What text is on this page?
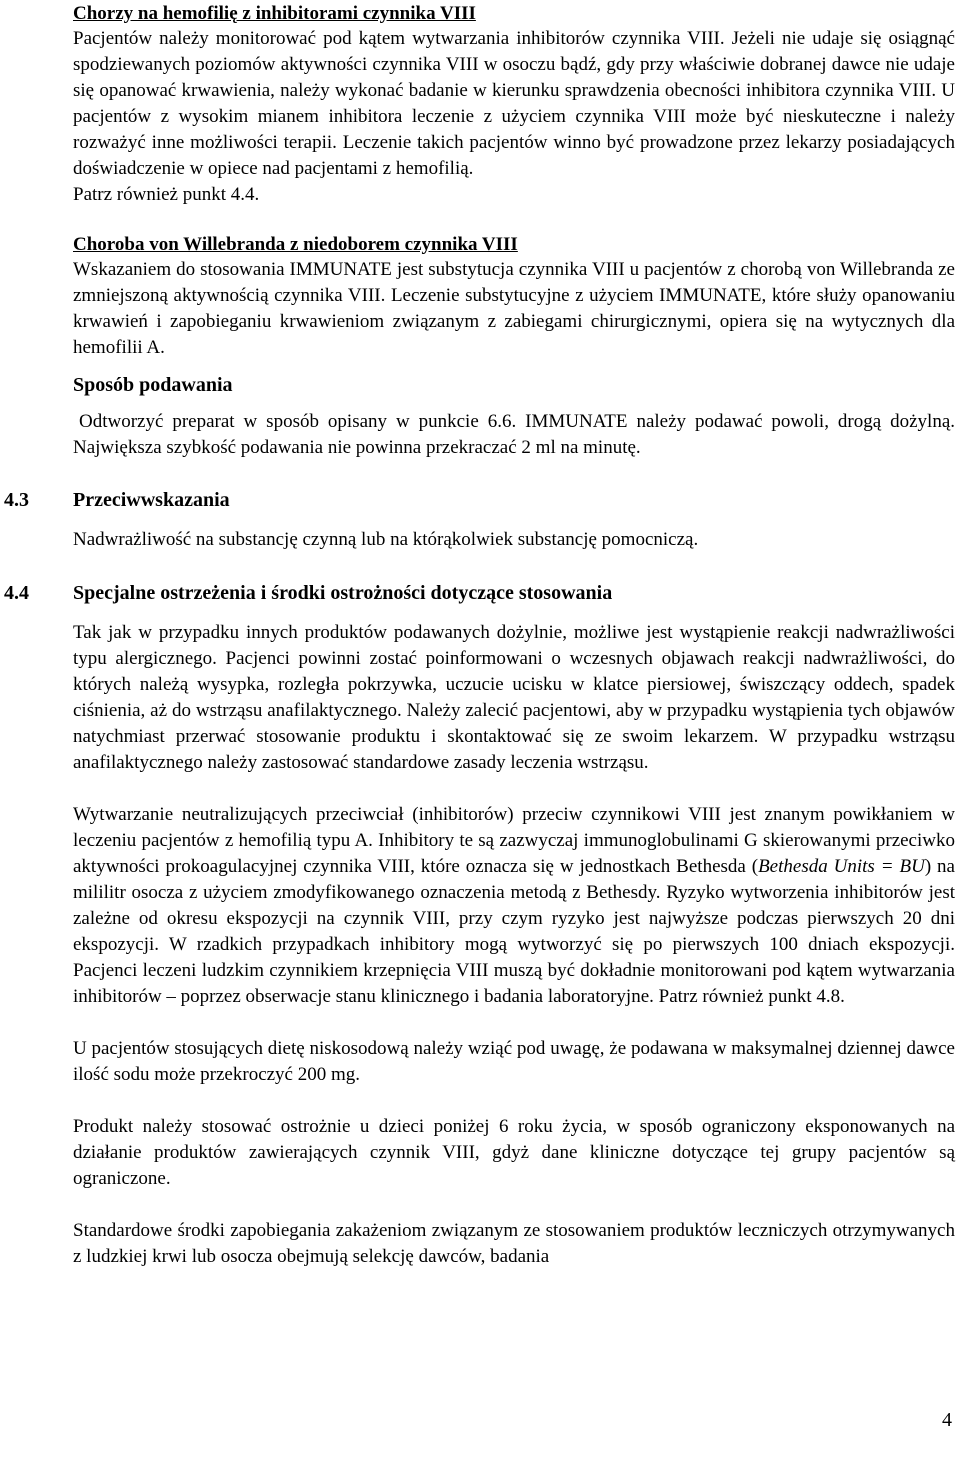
Chorzy na hemofilię z inhibitorami czynnika VIII

Pacjentów należy monitorować pod kątem wytwarzania inhibitorów czynnika VIII. Jeżeli nie udaje się osiągnąć spodziewanych poziomów aktywności czynnika VIII w osoczu bądź, gdy przy właściwie dobranej dawce nie udaje się opanować krwawienia, należy wykonać badanie w kierunku sprawdzenia obecności inhibitora czynnika VIII. U pacjentów z wysokim mianem inhibitora leczenie z użyciem czynnika VIII może być nieskuteczne i należy rozważyć inne możliwości terapii. Leczenie takich pacjentów winno być prowadzone przez lekarzy posiadających doświadczenie w opiece nad pacjentami z hemofilią.

Patrz również punkt 4.4.

Choroba von Willebranda z niedoborem czynnika VIII

Wskazaniem do stosowania IMMUNATE jest substytucja czynnika VIII u pacjentów z chorobą von Willebranda ze zmniejszoną aktywnością czynnika VIII. Leczenie substytucyjne z użyciem IMMUNATE, które służy opanowaniu krwawień i zapobieganiu krwawieniom związanym z zabiegami chirurgicznymi, opiera się na wytycznych dla hemofilii A.

Sposób podawania

Odtworzyć preparat w sposób opisany w punkcie 6.6. IMMUNATE należy podawać powoli, drogą dożylną. Największa szybkość podawania nie powinna przekraczać 2 ml na minutę.

4.3 Przeciwwskazania

Nadwrażliwość na substancję czynną lub na którąkolwiek substancję pomocniczą.

4.4 Specjalne ostrzeżenia i środki ostrożności dotyczące stosowania

Tak jak w przypadku innych produktów podawanych dożylnie, możliwe jest wystąpienie reakcji nadwrażliwości typu alergicznego. Pacjenci powinni zostać poinformowani o wczesnych objawach reakcji nadwrażliwości, do których należą wysypka, rozległa pokrzywka, uczucie ucisku w klatce piersiowej, świszczący oddech, spadek ciśnienia, aż do wstrząsu anafilaktycznego. Należy zalecić pacjentowi, aby w przypadku wystąpienia tych objawów natychmiast przerwać stosowanie produktu i skontaktować się ze swoim lekarzem. W przypadku wstrząsu anafilaktycznego należy zastosować standardowe zasady leczenia wstrząsu.

Wytwarzanie neutralizujących przeciwciał (inhibitorów) przeciw czynnikowi VIII jest znanym powikłaniem w leczeniu pacjentów z hemofilią typu A. Inhibitory te są zazwyczaj immunoglobulinami G skierowanymi przeciwko aktywności prokoagulacyjnej czynnika VIII, które oznacza się w jednostkach Bethesda (Bethesda Units = BU) na mililitr osocza z użyciem zmodyfikowanego oznaczenia metodą z Bethesdy. Ryzyko wytworzenia inhibitorów jest zależne od okresu ekspozycji na czynnik VIII, przy czym ryzyko jest najwyższe podczas pierwszych 20 dni ekspozycji. W rzadkich przypadkach inhibitory mogą wytworzyć się po pierwszych 100 dniach ekspozycji. Pacjenci leczeni ludzkim czynnikiem krzepnięcia VIII muszą być dokładnie monitorowani pod kątem wytwarzania inhibitorów – poprzez obserwacje stanu klinicznego i badania laboratoryjne. Patrz również punkt 4.8.

U pacjentów stosujących dietę niskosodową należy wziąć pod uwagę, że podawana w maksymalnej dziennej dawce ilość sodu może przekroczyć 200 mg.

Produkt należy stosować ostrożnie u dzieci poniżej 6 roku życia, w sposób ograniczony eksponowanych na działanie produktów zawierających czynnik VIII, gdyż dane kliniczne dotyczące tej grupy pacjentów są ograniczone.

Standardowe środki zapobiegania zakażeniom związanym ze stosowaniem produktów leczniczych otrzymywanych z ludzkiej krwi lub osocza obejmują selekcję dawców, badania

4
